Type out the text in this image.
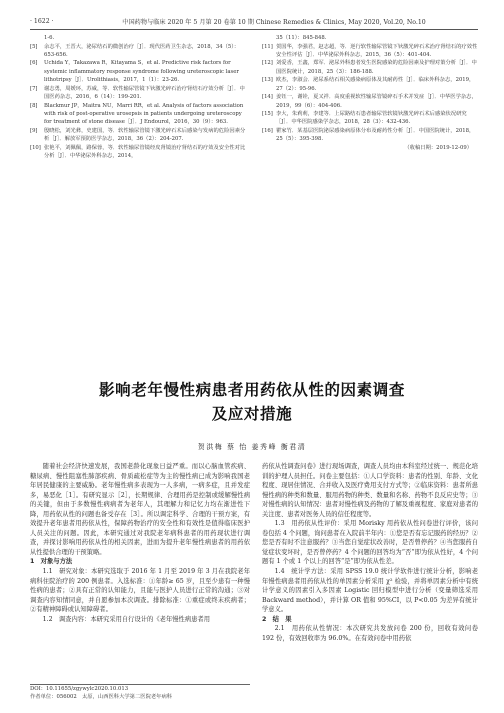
· 1622 ·	中国药物与临床 2020 年 5 月第 20 卷第 10 期 Chinese Remedies & Clinics, May 2020, Vol.20, No.10
1-6.
[5]	余志平，王晋大，泌尿结石的微创治疗［J］．现代医药卫生杂志，2018，34（5）：653-656.
[6]	Uchida Y，Takazawa R，Kitayama S，et al. Predictive risk factors for systemic inflammatory response syndrome following ureteroscopic laser lithotripsy［J］．Urolithiasis，2017，1（1）：23-26.
[7]	谢志勇，周媛环，苏威，等．软性输尿管镜下钬激光碎石治疗肾结石疗效分析［J］．中国医药杂志，2016，6（14）：199-201.
[8]	Blackmur JP，Maitra NU，Marri RR，et al. Analysis of factors association with risk of post-operative urosepsis in patients undergoing ureteroscopy for treatment of stone disease［J］．J Endourol，2016，30（9）：963.
[9]	殷晓松，刘光彝，史建国，等．软性输尿管镜下激光碎石术后感染与发病的危险因素分析［J］．解放军预防医学杂志，2018，36（2）：204-207.
[10] 张艳平，刘佩佩，路保蓉，等．软性输尿管镜经皮肾镜治疗肾结石的疗效及安全性对比分析［J］．中华泌尿外科杂志，2014，
35（11）：845-848.
[11] 贺国华，李强君，赵志超，等．逆行软性输尿管镜下钬激光碎石术治疗肾结石的疗效性安全性评估［J］．中华泌尿外科杂志，2015，36（5）：401-404.
[12] 刘爱香，王鑫，郑军．泌尿外科患者发生医院感染的危险因素及护理对策分析［J］．中国医院统计，2018，25（3）：186-188.
[13] 欧杰，李淑会．泌尿系结石相关感染病原体及其耐药性［J］．临床外科杂志，2019，27（2）：95-96.
[14] 姜钰一，谢铨，夏又祥．高度重视软性输尿管镜碎石手术并发症［J］．中华医学杂志，2019，99（6）：404-406.
[15] 李大，朱莉莉，李建等．上尿路结石患者输尿管软镜钬激光碎石术后感染状况研究［J］．中华医院感染学杂志，2018，28（3）：432-436.
[16] 瞿家竹．某基层医院泌尿感染病原体分布及耐药性分析［J］．中国医院统计，2018，25（5）：395-398.
（收稿日期：2019-12-09）
影响老年慢性病患者用药依从性的因素调查
及应对措施
贺洪梅 蔡 怡 姜秀峰 衡君清

随着社会经济快速发展，我国老龄化现象日益严重。而以心脑血管疾病、糖尿病、慢性阻塞性肺部疾病、骨质疏松症等为主的慢性病已成为影响我国老年居民健康的主要威胁。老年慢性病多表现为一人多病，一病多症，且并发症多，易恶化［1］。有研究显示［2］，长期规律、合理用药是控制或缓解慢性病的关键，但由于多数慢性病病者为老年人，其理解力和记忆力均在渐进性下降，用药依从性的问题也备受存在［3］。所以调定科学、合理的干预方案，有效提升老年患者用药依从性，保障药物治疗的安全性和有效性是值得临床医护人员关注的问题。因此，本研究通过对我院老年病科患者的用药现状进行调查，并探讨影响用药依从性的相关因素，进而为提升老年慢性病患者的用药依从性提供合理的干预策略。

1　对象与方法

1.1　研究对象：本研究选取于 2016 年 1 月至 2019 年 3 月在我院老年病科住院治疗的 200 例患者。入选标准：①年龄≥ 65 岁，且至少患有一种慢性病的患者；②具有正常的认知能力，且能与医护人员进行正常的沟通；③对调查内容知情同意，并自愿参加本次调查。排除标准：①重症或终末疾病者；②有精神障碍或认知障碍者。

1.2　调查内容：本研究采用自行设计的《老年慢性病患者用

DOI：10.11655/zgywylc2020.10.013
作者单位：056002　太原，山西医科大学第二医院老年病科

药依从性调查问卷》进行现场调查，调查人员均由本科室经过统一、规范化培训的护理人员担任。问卷主要包括：①人口学资料：患者的性别、年龄、文化程度、现居住情况、合并收入及医疗费用支付方式等；②临床资料：患者所患慢性病的种类和数量、服用药物的种类、数量和名称、药物不良反应史等；③对慢性病的认知情况：患者对慢性病及药物的了解及重视程度、家庭对患者的关注度、患者对医务人员的信任程度等。

1.3　用药依从性评价：采用 Morisky 用药依从性问卷进行评价，该问卷包括 4 个问题，询问患者在入院前半年内：①您是否有忘记服药的经历？②您是否有时不注意服药？③当您自觉症状改善时，是否曾停药？④当您服药自觉症状变坏时，是否曾停药？4 个问题的回答均为“否”即为依从性好，4 个问题有 1 个或 1 个以上的回答“是”即为依从性差。

1.4　统计学方法：采用 SPSS 19.0 统计学软件进行统计分析，影响老年慢性病患者用药依从性的单因素分析采用 χ² 检验，并将单因素分析中有统计学意义的因素引入多因素 Logistic 回归模型中进行分析（变量筛选采用 Backward method），并计算 OR 值和 95%CI，以 P<0.05 为差异有统计学意义。

2　结　果

2.1　用药依从性情况：本次研究共发放问卷 200 份，回收有效问卷 192 份，有效回收率为 96.0%。在有效问卷中用药依
